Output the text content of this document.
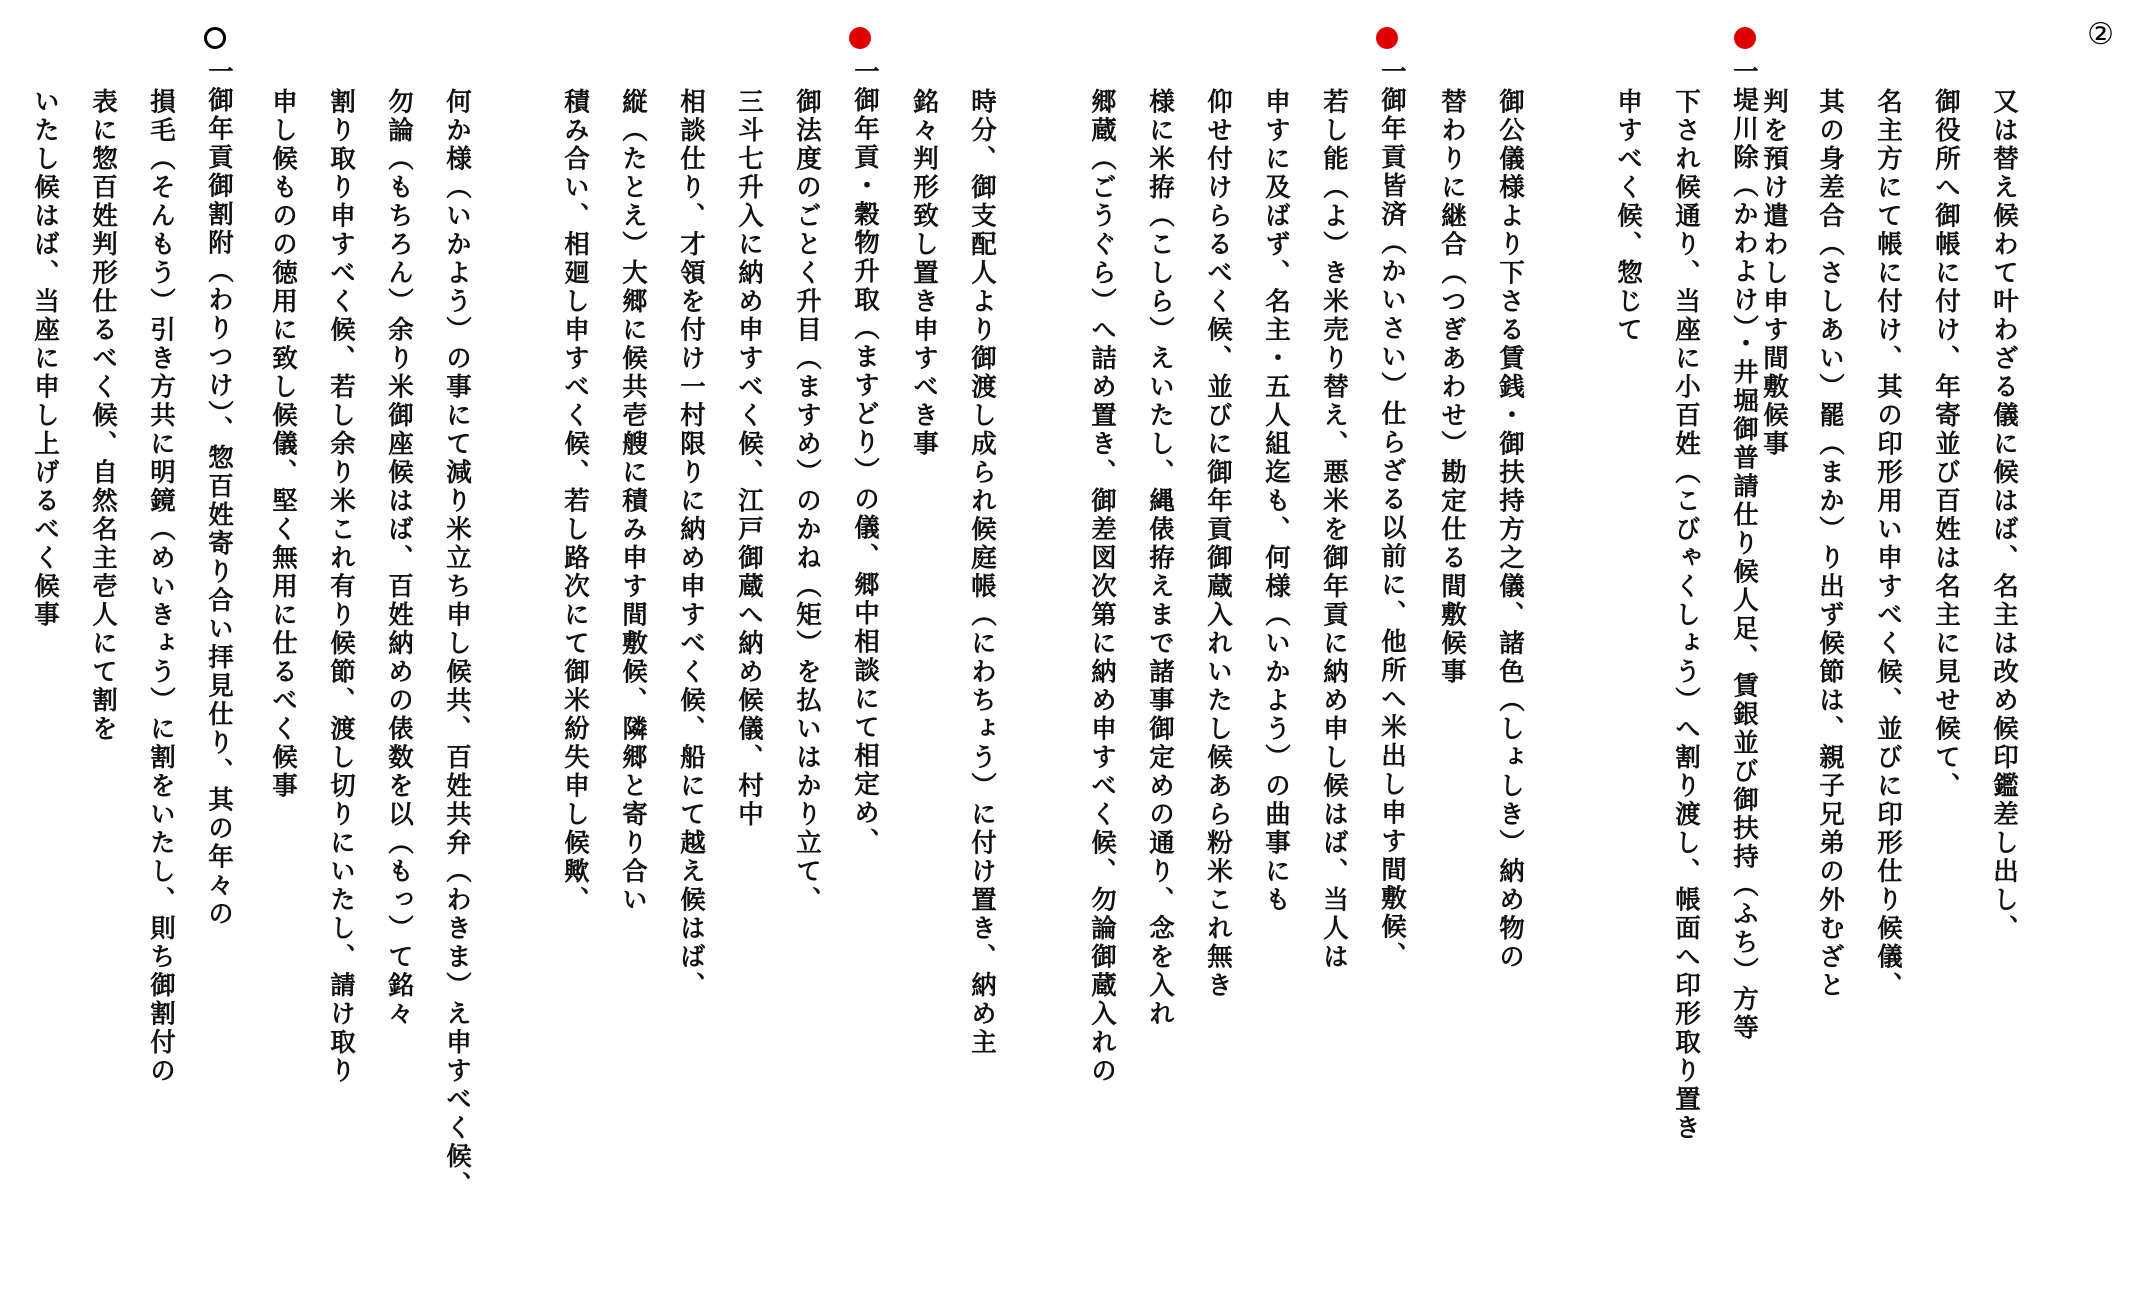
②
又は替え候わて叶わざる儀に候はば、名主は改め候印鑑差し出し、
御役所へ御帳に付け、年寄並び百姓は名主に見せ候て、
名主方にて帳に付け、其の印形用い申すべく候、並びに印形仕り候儀、
其の身差合（さしあい）罷（まか）り出ず候節は、親子兄弟の外むざと
判を預け遣わし申す間敷候事
一堤川除（かわよけ）・井堀御普請仕り候人足、賃銀並び御扶持（ふち）方等
下され候通り、当座に小百姓（こびゃくしょう）へ割り渡し、帳面へ印形取り置き
申すべく候、惣じて
御公儀様より下さる賃銭・御扶持方之儀、諸色（しょしき）納め物の
替わりに継合（つぎあわせ）勘定仕る間敷候事
一御年貢皆済（かいさい）仕らざる以前に、他所へ米出し申す間敷候、
若し能（よ）き米売り替え、悪米を御年貢に納め申し候はば、当人は
申すに及ばず、名主・五人組迄も、何様（いかよう）の曲事にも
仰せ付けらるべく候、並びに御年貢御蔵入れいたし候あら粉米これ無き
様に米拵（こしら）えいたし、縄俵拵えまで諸事御定めの通り、念を入れ
郷蔵（ごうぐら）へ詰め置き、御差図次第に納め申すべく候、勿論御蔵入れの
時分、御支配人より御渡し成られ候庭帳（にわちょう）に付け置き、納め主
銘々判形致し置き申すべき事
一御年貢・穀物升取（ますどり）の儀、郷中相談にて相定め、
御法度のごとく升目（ますめ）のかね（矩）を払いはかり立て、
三斗七升入に納め申すべく候、江戸御蔵へ納め候儀、村中
相談仕り、才領を付け一村限りに納め申すべく候、船にて越え候はば、
縦（たとえ）大郷に候共壱艘に積み申す間敷候、隣郷と寄り合い
積み合い、相廻し申すべく候、若し路次にて御米紛失申し候歟、
何か様（いかよう）の事にて減り米立ち申し候共、百姓共弁（わきま）え申すべく候、
勿論（もちろん）余り米御座候はば、百姓納めの俵数を以（もっ）て銘々
割り取り申すべく候、若し余り米これ有り候節、渡し切りにいたし、請け取り
申し候ものの徳用に致し候儀、堅く無用に仕るべく候事
一御年貢御割附（わりつけ）、惣百姓寄り合い拝見仕り、其の年々の
損毛（そんもう）引き方共に明鏡（めいきょう）に割をいたし、則ち御割付の
表に惣百姓判形仕るべく候、自然名主壱人にて割を
いたし候はば、当座に申し上げるべく候事
